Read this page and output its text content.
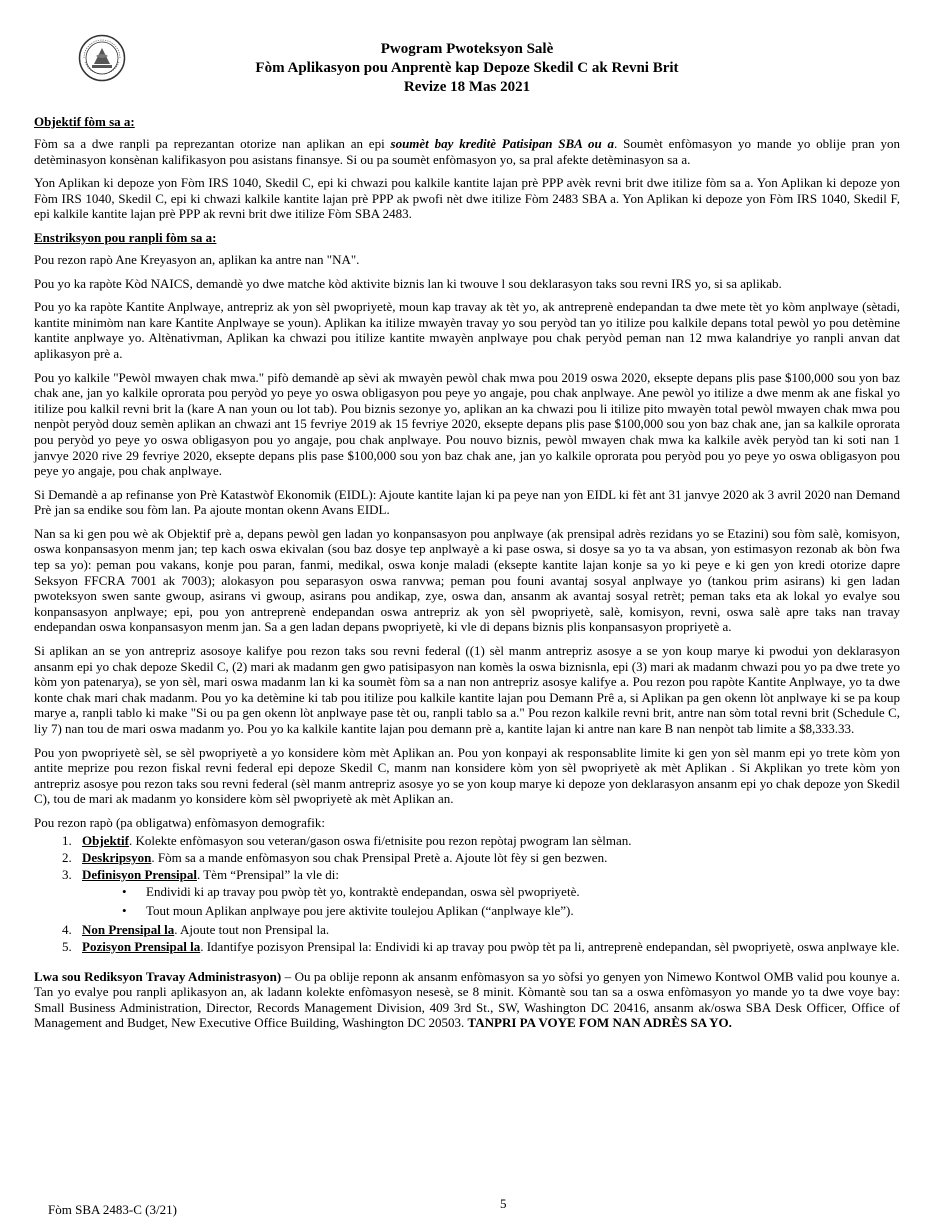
Pwogram Pwoteksyon Salè
Fòm Aplikasyon pou Anprentè kap Depoze Skedil C ak Revni Brit
Revize 18 Mas 2021
Objektif fòm sa a:

Fòm sa a dwe ranpli pa reprezantan otorize nan aplikan an epi soumèt bay kreditè Patisipan SBA ou a. Soumèt enfòmasyon yo mande yo oblije pran yon detèminasyon konsènan kalifikasyon pou asistans finansye. Si ou pa soumèt enfòmasyon yo, sa pral afekte detèminasyon sa a.

Yon Aplikan ki depoze yon Fòm IRS 1040, Skedil C, epi ki chwazi pou kalkile kantite lajan prè PPP avèk revni brit dwe itilize fòm sa a. Yon Aplikan ki depoze yon Fòm IRS 1040, Skedil C, epi ki chwazi kalkile kantite lajan prè PPP ak pwofi nèt dwe itilize Fòm 2483 SBA a. Yon Aplikan ki depoze yon Fòm IRS 1040, Skedil F, epi kalkile kantite lajan prè PPP ak revni brit dwe itilize Fòm SBA 2483.

Enstriksyon pou ranpli fòm sa a:

Pou rezon rapò Ane Kreyasyon an, aplikan ka antre nan "NA".

Pou yo ka rapòte Kòd NAICS, demandè yo dwe matche kòd aktivite biznis lan ki twouve l sou deklarasyon taks sou revni IRS yo, si sa aplikab.

Pou yo ka rapòte Kantite Anplwaye, antrepriz ak yon sèl pwopriyetè, moun kap travay ak tèt yo, ak antreprenè endepandan ta dwe mete tèt yo kòm anplwaye (sètadi, kantite minimòm nan kare Kantite Anplwaye se youn). Aplikan ka itilize mwayèn travay yo sou peryòd tan yo itilize pou kalkile depans total pewòl yo pou detèmine kantite anplwaye yo. Altènativman, Aplikan ka chwazi pou itilize kantite mwayèn anplwaye pou chak peryòd peman nan 12 mwa kalandriye yo ranpli anvan dat aplikasyon prè a.

Pou yo kalkile "Pewòl mwayen chak mwa." pifò demandè ap sèvi ak mwayèn pewòl chak mwa pou 2019 oswa 2020, eksepte depans plis pase $100,000 sou yon baz chak ane, jan yo kalkile oprorata pou peryòd yo peye yo oswa obligasyon pou peye yo angaje, pou chak anplwaye. Ane pewòl yo itilize a dwe menm ak ane fiskal yo itilize pou kalkil revni brit la (kare A nan youn ou lot tab). Pou biznis sezonye yo, aplikan an ka chwazi pou li itilize pito mwayèn total pewòl mwayen chak mwa pou nenpòt peryòd douz semèn aplikan an chwazi ant 15 fevriye 2019 ak 15 fevriye 2020, eksepte depans plis pase $100,000 sou yon baz chak ane, jan sa kalkile oprorata pou peryòd yo peye yo oswa obligasyon pou yo angaje, pou chak anplwaye. Pou nouvo biznis, pewòl mwayen chak mwa ka kalkile avèk peryòd tan ki soti nan 1 janvye 2020 rive 29 fevriye 2020, eksepte depans plis pase $100,000 sou yon baz chak ane, jan yo kalkile oprorata pou peryòd pou yo peye yo oswa obligasyon pou peye yo angaje, pou chak anplwaye.

Si Demandè a ap refinanse yon Prè Katastwòf Ekonomik (EIDL): Ajoute kantite lajan ki pa peye nan yon EIDL ki fèt ant 31 janvye 2020 ak 3 avril 2020 nan Demand Prè jan sa endike sou fòm lan. Pa ajoute montan okenn Avans EIDL.

Nan sa ki gen pou wè ak Objektif prè a, depans pewòl gen ladan yo konpansasyon pou anplwaye (ak prensipal adrès rezidans yo se Etazini) sou fòm salè, komisyon, oswa konpansasyon menm jan; tep kach oswa ekivalan (sou baz dosye tep anplwayè a ki pase oswa, si dosye sa yo ta va absan, yon estimasyon rezonab ak bòn fwa tep sa yo): peman pou vakans, konje pou paran, fanmi, medikal, oswa konje maladi (eksepte kantite lajan konje sa yo ki peye e ki gen yon kredi otorize dapre Seksyon FFCRA 7001 ak 7003); alokasyon pou separasyon oswa ranvwa; peman pou founi avantaj sosyal anplwaye yo (tankou prim asirans) ki gen ladan pwoteksyon swen sante gwoup, asirans vi gwoup, asirans pou andikap, zye, oswa dan, ansanm ak avantaj sosyal retrèt; peman taks eta ak lokal yo evalye sou konpansasyon anplwaye; epi, pou yon antreprenè endepandan oswa antrepriz ak yon sèl pwopriyetè, salè, komisyon, revni, oswa salè apre taks nan travay endepandan oswa konpansasyon menm jan. Sa a gen ladan depans pwopriyetè, ki vle di depans biznis plis konpansasyon propriyetè a.

Si aplikan an se yon antrepriz asosoye kalifye pou rezon taks sou revni federal ((1) sèl manm antrepriz asosye a se yon koup marye ki pwodui yon deklarasyon ansanm epi yo chak depoze Skedil C, (2) mari ak madanm gen gwo patisipasyon nan komès la oswa biznisnla, epi (3) mari ak madanm chwazi pou yo pa dwe trete yo kòm yon patenarya), se yon sèl, mari oswa madanm lan ki ka soumèt fòm sa a nan non antrepriz asosye kalifye a. Pou rezon pou rapòte Kantite Anplwaye, yo ta dwe konte chak mari chak madanm. Pou yo ka detèmine ki tab pou itilize pou kalkile kantite lajan pou Demann Prê a, si Aplikan pa gen okenn lòt anplwaye ki se pa koup marye a, ranpli tablo ki make "Si ou pa gen okenn lòt anplwaye pase tèt ou, ranpli tablo sa a." Pou rezon kalkile revni brit, antre nan sòm total revni brit (Schedule C, liy 7) nan tou de mari oswa madanm yo. Pou yo ka kalkile kantite lajan pou demann prè a, kantite lajan ki antre nan kare B nan nenpòt tab limite a $8,333.33.

Pou yon pwopriyetè sèl, se sèl pwopriyetè a yo konsidere kòm mèt Aplikan an. Pou yon konpayi ak responsablite limite ki gen yon sèl manm epi yo trete kòm yon antite meprize pou rezon fiskal revni federal epi depoze Skedil C, manm nan konsidere kòm yon sèl pwopriyetè ak mèt Aplikan . Si Akplikan yo trete kòm yon antrepriz asosye pou rezon taks sou revni federal (sèl manm antrepriz asosye yo se yon koup marye ki depoze yon deklarasyon ansanm epi yo chak depoze yon Skedil C), tou de mari ak madanm yo konsidere kòm sèl pwopriyetè ak mèt Aplikan an.

Pou rezon rapò (pa obligatwa) enfòmasyon demografik:

1. Objektif. Kolekte enfòmasyon sou veteran/gason oswa fi/etnisite pou rezon repòtaj pwogram lan sèlman.
2. Deskripsyon. Fòm sa a mande enfòmasyon sou chak Prensipal Pretè a. Ajoute lòt fèy si gen bezwen.
3. Definisyon Prensipal. Tèm “Prensipal” la vle di:
• Endividi ki ap travay pou pwòp tèt yo, kontraktè endepandan, oswa sèl pwopriyetè.
• Tout moun Aplikan anplwaye pou jere aktivite toulejou Aplikan (“anplwaye kle”).
4. Non Prensipal la. Ajoute tout non Prensipal la.
5. Pozisyon Prensipal la. Idantifye pozisyon Prensipal la: Endividi ki ap travay pou pwòp tèt pa li, antreprenè endepandan, sèl pwopriyetè, oswa anplwaye kle.

Lwa sou Rediksyon Travay Administrasyon) – Ou pa oblije reponn ak ansanm enfòmasyon sa yo sòfsi yo genyen yon Nimewo Kontwol OMB valid pou kounye a. Tan yo evalye pou ranpli aplikasyon an, ak ladann kolekte enfòmasyon nesesè, se 8 minit. Kòmantè sou tan sa a oswa enfòmasyon yo mande yo ta dwe voye bay: Small Business Administration, Director, Records Management Division, 409 3rd St., SW, Washington DC 20416, ansanm ak/oswa SBA Desk Officer, Office of Management and Budget, New Executive Office Building, Washington DC 20503. TANPRI PA VOYE FOM NAN ADRÈS SA YO.

Fòm SBA 2483-C (3/21)	5
